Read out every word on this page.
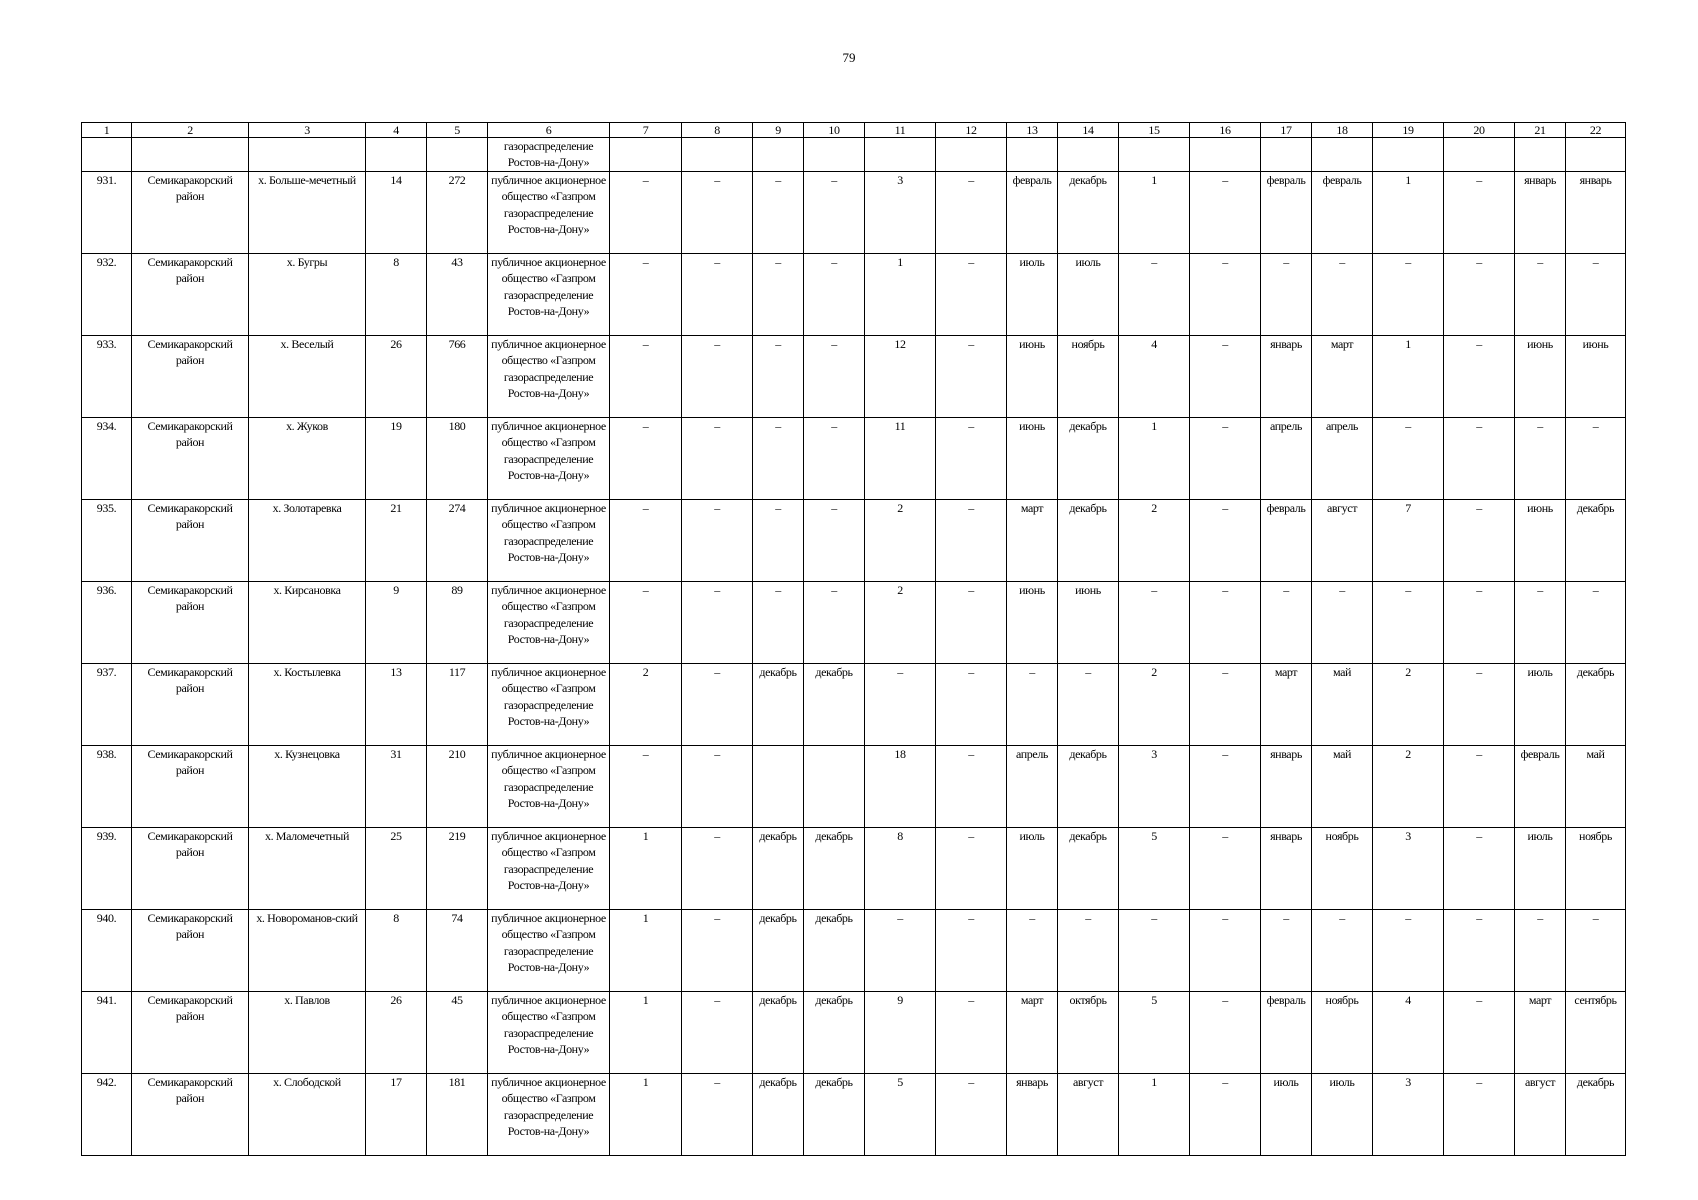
79
1	2	3	4	5	6	7	8	9	10	11	12	13	14	15	16	17	18	19	20	21	22
					газораспределение Ростов-на-Дону»																
931.	Семикаракорский район	х. Больше-мечетный	14	272	публичное акционерное общество «Газпром газораспределение Ростов-на-Дону»	–	–	–	–	3	–	февраль	декабрь	1	–	февраль	февраль	1	–	январь	январь
932.	Семикаракорский район	х. Бугры	8	43	публичное акционерное общество «Газпром газораспределение Ростов-на-Дону»	–	–	–	–	1	–	июль	июль	–	–	–	–	–	–	–	–
933.	Семикаракорский район	х. Веселый	26	766	публичное акционерное общество «Газпром газораспределение Ростов-на-Дону»	–	–	–	–	12	–	июнь	ноябрь	4	–	январь	март	1	–	июнь	июнь
934.	Семикаракорский район	х. Жуков	19	180	публичное акционерное общество «Газпром газораспределение Ростов-на-Дону»	–	–	–	–	11	–	июнь	декабрь	1	–	апрель	апрель	–	–	–	–
935.	Семикаракорский район	х. Золотаревка	21	274	публичное акционерное общество «Газпром газораспределение Ростов-на-Дону»	–	–	–	–	2	–	март	декабрь	2	–	февраль	август	7	–	июнь	декабрь
936.	Семикаракорский район	х. Кирсановка	9	89	публичное акционерное общество «Газпром газораспределение Ростов-на-Дону»	–	–	–	–	2	–	июнь	июнь	–	–	–	–	–	–	–	–
937.	Семикаракорский район	х. Костылевка	13	117	публичное акционерное общество «Газпром газораспределение Ростов-на-Дону»	2	–	декабрь	декабрь	–	–	–	–	2	–	март	май	2	–	июль	декабрь
938.	Семикаракорский район	х. Кузнецовка	31	210	публичное акционерное общество «Газпром газораспределение Ростов-на-Дону»	–	–			18	–	апрель	декабрь	3	–	январь	май	2	–	февраль	май
939.	Семикаракорский район	х. Маломечетный	25	219	публичное акционерное общество «Газпром газораспределение Ростов-на-Дону»	1	–	декабрь	декабрь	8	–	июль	декабрь	5	–	январь	ноябрь	3	–	июль	ноябрь
940.	Семикаракорский район	х. Новороманов-ский	8	74	публичное акционерное общество «Газпром газораспределение Ростов-на-Дону»	1	–	декабрь	декабрь	–	–	–	–	–	–	–	–	–	–	–	–
941.	Семикаракорский район	х. Павлов	26	45	публичное акционерное общество «Газпром газораспределение Ростов-на-Дону»	1	–	декабрь	декабрь	9	–	март	октябрь	5	–	февраль	ноябрь	4	–	март	сентябрь
942.	Семикаракорский район	х. Слободской	17	181	публичное акционерное общество «Газпром газораспределение Ростов-на-Дону»	1	–	декабрь	декабрь	5	–	январь	август	1	–	июль	июль	3	–	август	декабрь
